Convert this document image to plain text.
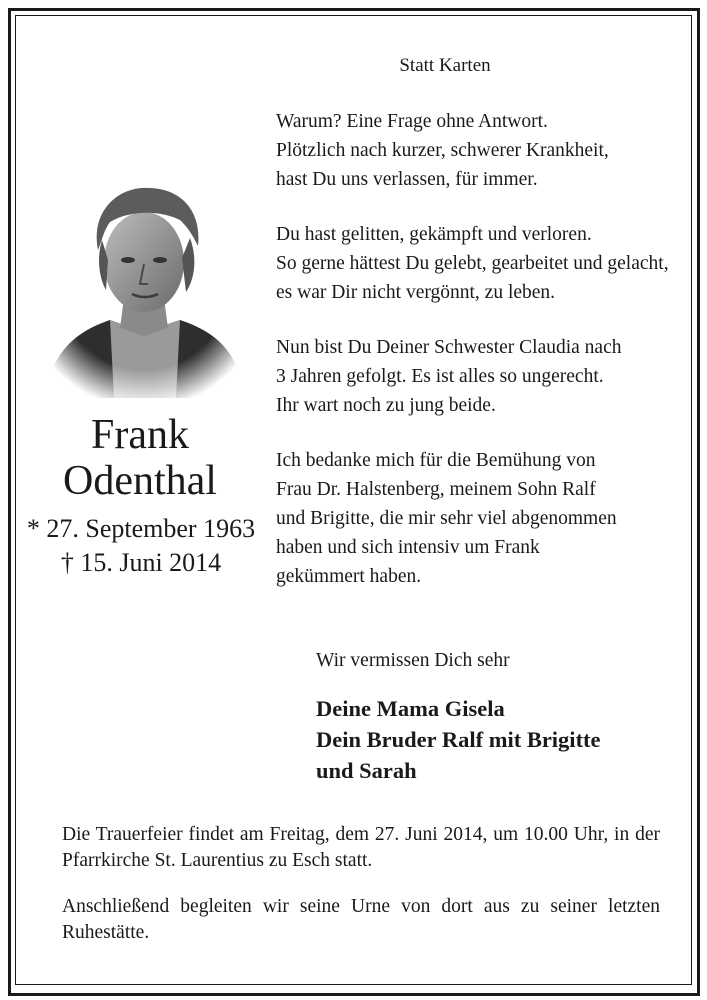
Statt Karten

Warum? Eine Frage ohne Antwort.
Plötzlich nach kurzer, schwerer Krankheit,
hast Du uns verlassen, für immer.

Du hast gelitten, gekämpft und verloren.
So gerne hättest Du gelebt, gearbeitet und gelacht,
es war Dir nicht vergönnt, zu leben.

Nun bist Du Deiner Schwester Claudia nach
3 Jahren gefolgt. Es ist alles so ungerecht.
Ihr wart noch zu jung beide.

Ich bedanke mich für die Bemühung von
Frau Dr. Halstenberg, meinem Sohn Ralf
und Brigitte, die mir sehr viel abgenommen
haben und sich intensiv um Frank
gekümmert haben.

Frank
Odenthal
* 27. September 1963
† 15. Juni 2014
Wir vermissen Dich sehr
Deine Mama Gisela
Dein Bruder Ralf mit Brigitte
und Sarah

Die Trauerfeier findet am Freitag, dem 27. Juni 2014, um 10.00 Uhr, in der Pfarrkirche St. Laurentius zu Esch statt.

Anschließend begleiten wir seine Urne von dort aus zu seiner letzten Ruhestätte.
